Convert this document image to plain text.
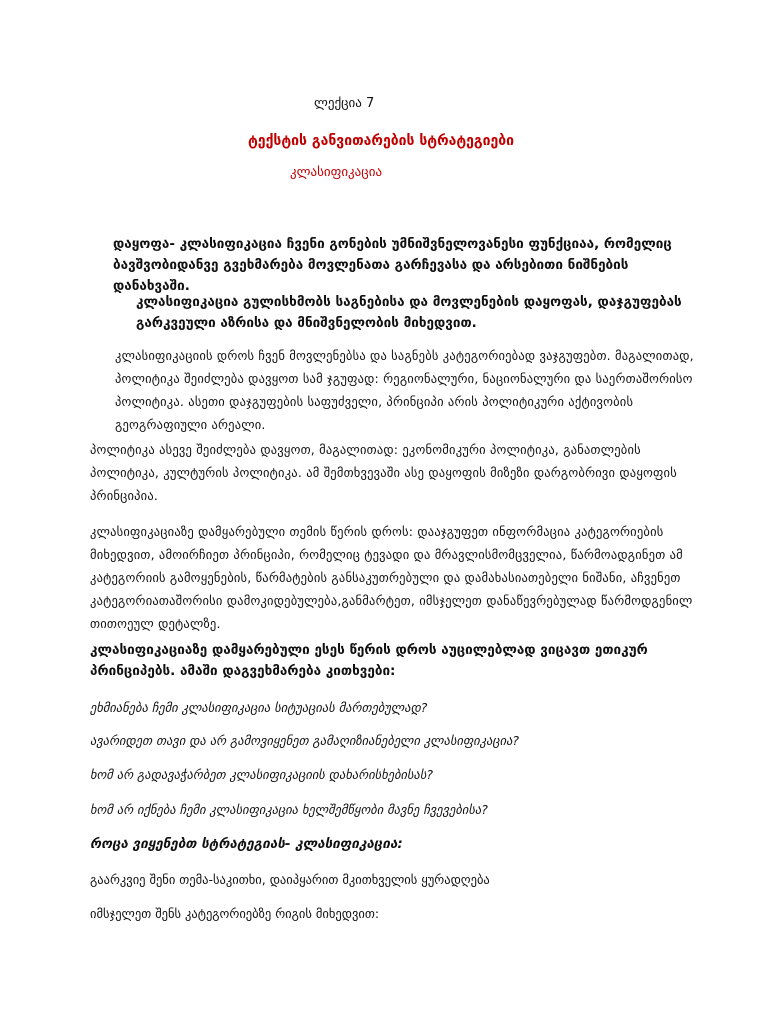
ლექცია 7

ტექსტის განვითარების სტრატეგიები

კლასიფიკაცია

დაყოფა- კლასიფიკაცია ჩვენი გონების უმნიშვნელოვანესი ფუნქციაა, რომელიც ბავშვობიდანვე გვეხმარება მოვლენათა გარჩევასა და არსებითი ნიშნების დანახვაში.

კლასიფიკაცია გულისხმობს საგნებისა და მოვლენების დაყოფას, დაჯგუფებას გარკვეული აზრისა და მნიშვნელობის მიხედვით.

კლასიფიკაციის დროს ჩვენ მოვლენებსა და საგნებს კატეგორიებად ვაჯგუფებთ. მაგალითად, პოლიტიკა შეიძლება დავყოთ სამ ჯგუფად: რეგიონალური, ნაციონალური და საერთაშორისო პოლიტიკა. ასეთი დაჯგუფების საფუძველი, პრინციპი არის პოლიტიკური აქტივობის გეოგრაფიული არეალი.

პოლიტიკა ასევე შეიძლება დავყოთ, მაგალითად: ეკონომიკური პოლიტიკა, განათლების პოლიტიკა, კულტურის პოლიტიკა. ამ შემთხვევაში ასე დაყოფის მიზეზი დარგობრივი დაყოფის პრინციპია.

კლასიფიკაციაზე დამყარებული თემის წერის დროს: დააჯგუფეთ ინფორმაცია კატეგორიების მიხედვით, ამოირჩიეთ პრინციპი, რომელიც ტევადი და მრავლისმომცველია, წარმოადგინეთ ამ კატეგორიის გამოყენების, წარმატების განსაკუთრებული და დამახასიათებელი ნიშანი, აჩვენეთ კატეგორიათაშორისი დამოკიდებულება,განმარტეთ, იმსჯელეთ დანაწევრებულად წარმოდგენილ თითოეულ დეტალზე.

კლასიფიკაციაზე დამყარებული ესეს წერის დროს აუცილებლად ვიცავთ ეთიკურ პრინციპებს. ამაში დაგვეხმარება კითხვები:

ეხმიანება ჩემი კლასიფიკაცია სიტუაციას მართებულად?

ავარიდეთ თავი და არ გამოვიყენეთ გამაღიზიანებელი კლასიფიკაცია?

ხომ არ გადავაჭარბეთ კლასიფიკაციის დახარისხებისას?

ხომ არ იქნება ჩემი კლასიფიკაცია ხელშემწყობი მავნე ჩვევებისა?

როცა ვიყენებთ სტრატეგიას- კლასიფიკაცია:

გაარკვიე შენი თემა-საკითხი, დაიპყარით მკითხველის ყურადღება

იმსჯელეთ შენს კატეგორიებზე რიგის მიხედვით:
